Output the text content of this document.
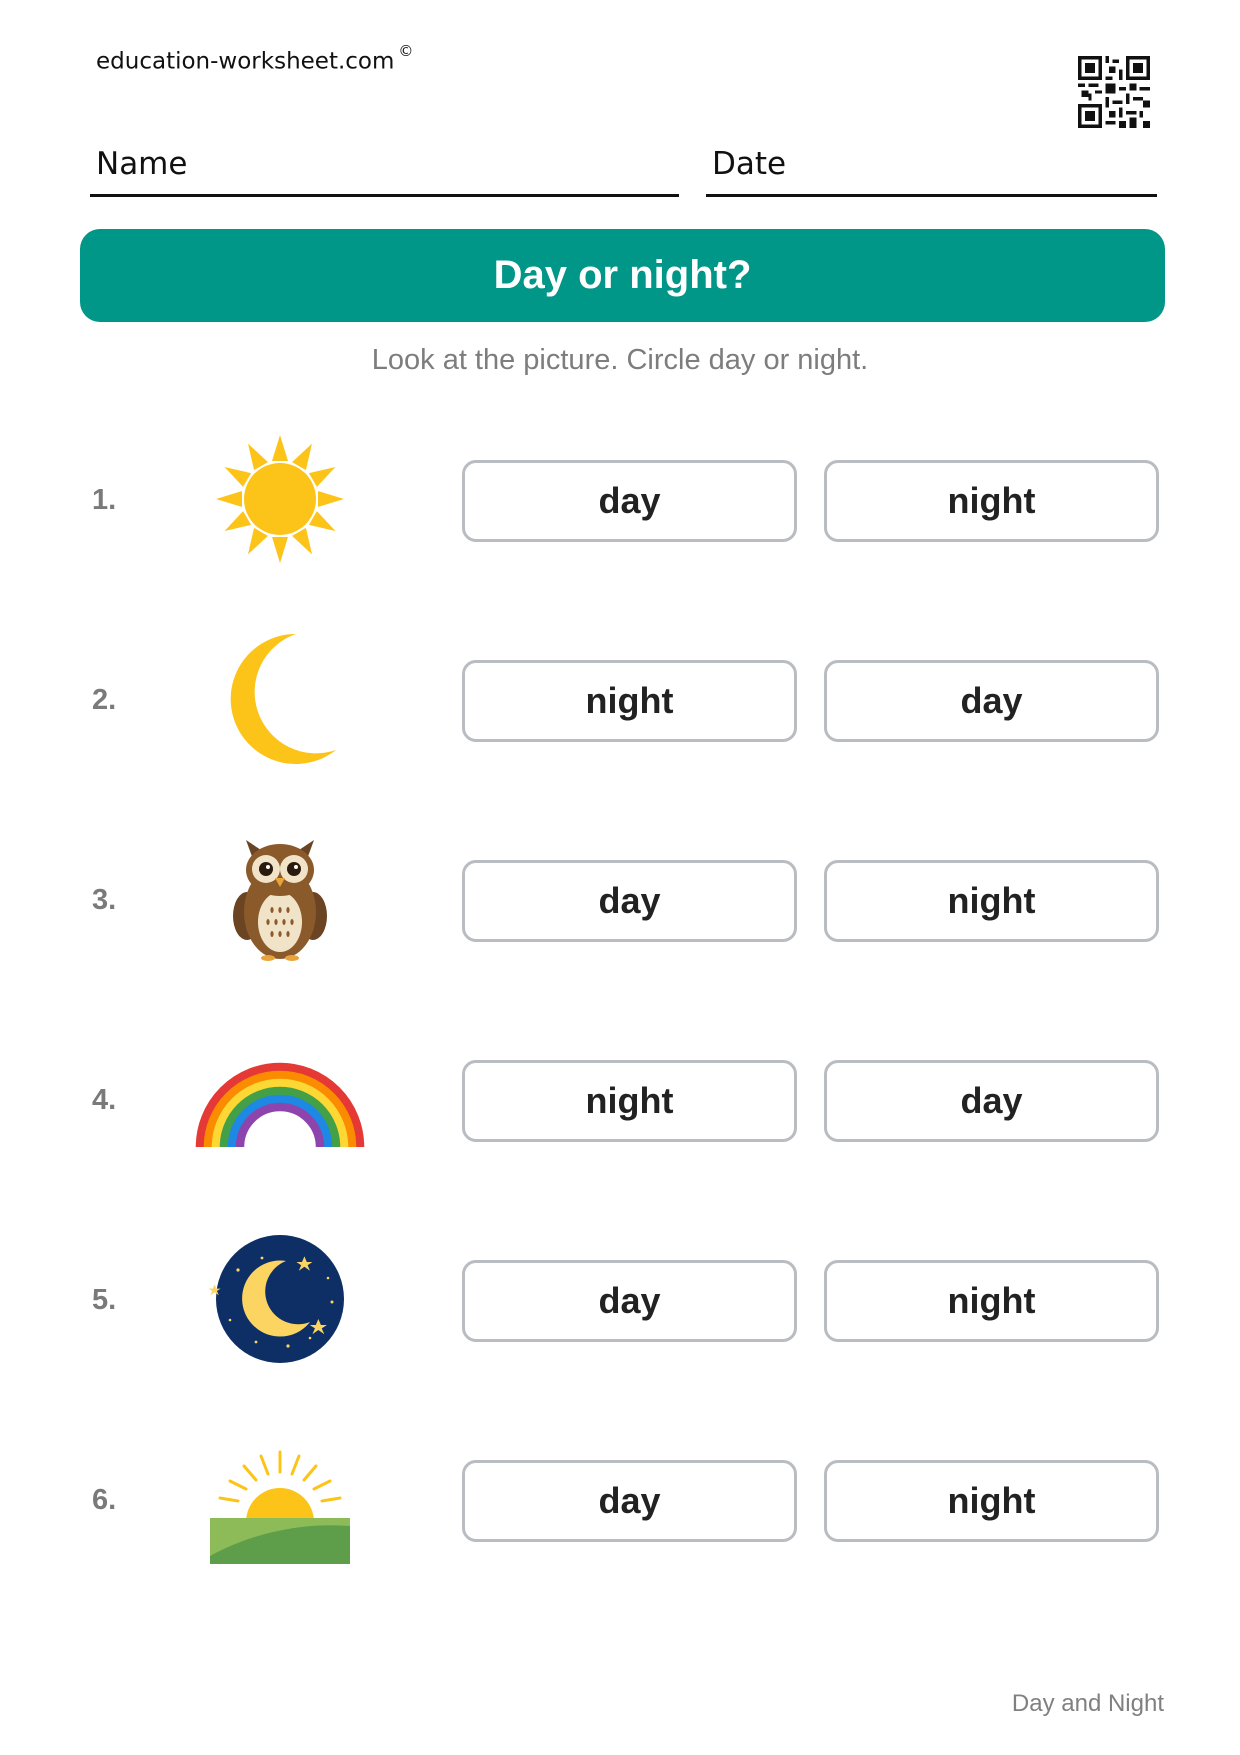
education-worksheet.com ©
Name	Date
Day or night?
Look at the picture. Circle day or night.
1.	day	night
2.	night	day
3.	day	night
4.	night	day
5.	day	night
6.	day	night
Day and Night
